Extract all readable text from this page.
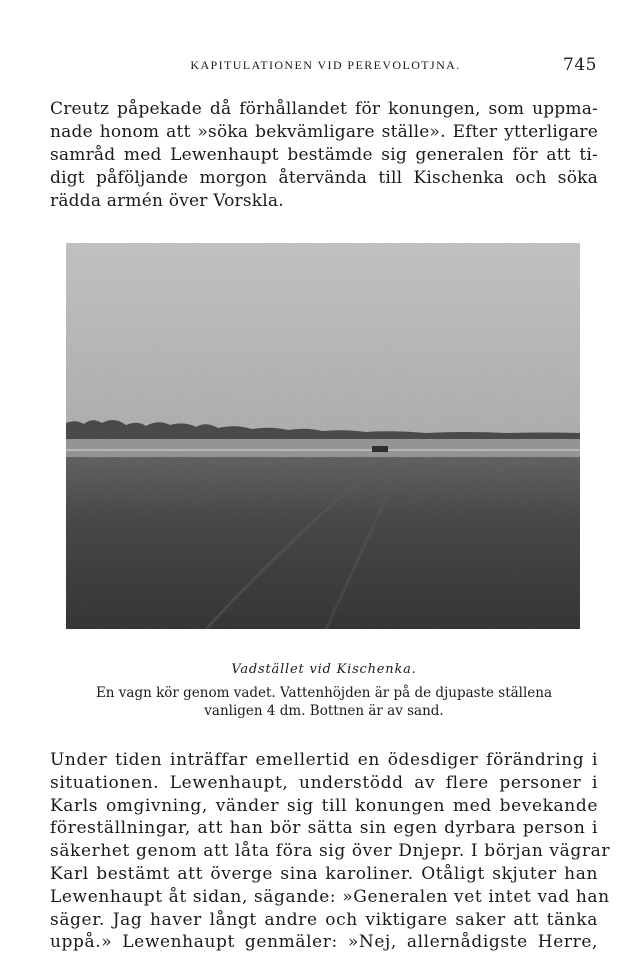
KAPITULATIONEN VID PEREVOLOTJNA.	745
Creutz påpekade då förhållandet för konungen, som uppma-
nade honom att »söka bekvämligare ställe». Efter ytterligare
samråd med Lewenhaupt bestämde sig generalen för att ti-
digt påföljande morgon återvända till Kischenka och söka
rädda armén över Vorskla.
Vadstället vid Kischenka.
En vagn kör genom vadet. Vattenhöjden är på de djupaste ställena
vanligen 4 dm. Bottnen är av sand.
Under tiden inträffar emellertid en ödesdiger förändring i
situationen. Lewenhaupt, understödd av flere personer i
Karls omgivning, vänder sig till konungen med bevekande
föreställningar, att han bör sätta sin egen dyrbara person i
säkerhet genom att låta föra sig över Dnjepr. I början vägrar
Karl bestämt att överge sina karoliner. Otåligt skjuter han
Lewenhaupt åt sidan, sägande: »Generalen vet intet vad han
säger. Jag haver långt andre och viktigare saker att tänka
uppå.» Lewenhaupt genmäler: »Nej, allernådigste Herre,
